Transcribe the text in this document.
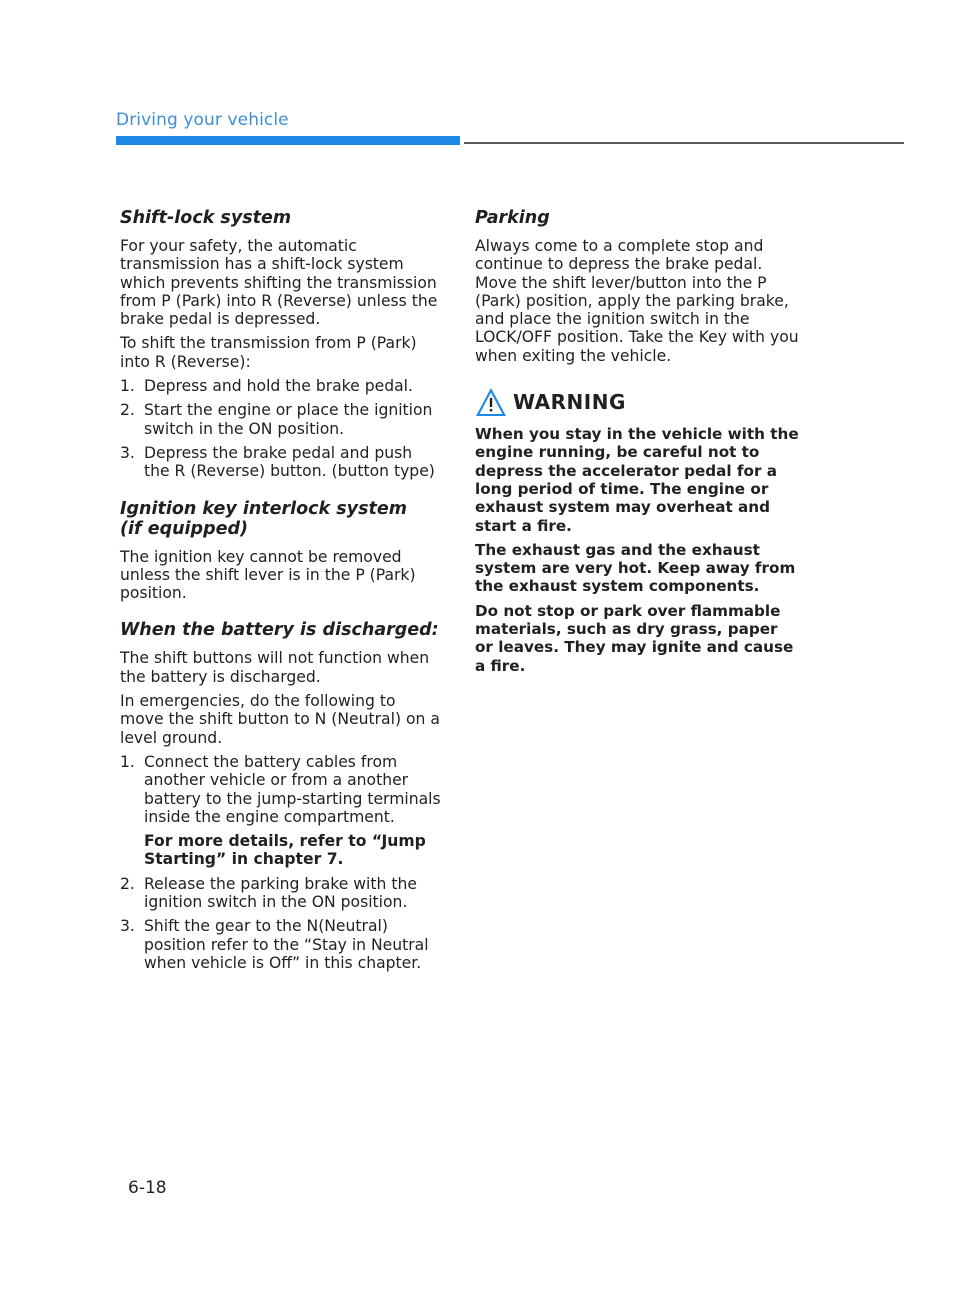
Driving your vehicle
Shift-lock system

For your safety, the automatic transmission has a shift-lock system which prevents shifting the transmission from P (Park) into R (Reverse) unless the brake pedal is depressed.

To shift the transmission from P (Park) into R (Reverse):

1. Depress and hold the brake pedal.
2. Start the engine or place the ignition switch in the ON position.
3. Depress the brake pedal and push the R (Reverse) button. (button type)
Ignition key interlock system
(if equipped)

The ignition key cannot be removed unless the shift lever is in the P (Park) position.

When the battery is discharged:

The shift buttons will not function when the battery is discharged.

In emergencies, do the following to move the shift button to N (Neutral) on a level ground.

1. Connect the battery cables from another vehicle or from a another battery to the jump-starting terminals inside the engine compartment.
For more details, refer to “Jump Starting” in chapter 7.
2. Release the parking brake with the ignition switch in the ON position.
3. Shift the gear to the N(Neutral) position refer to the “Stay in Neutral when vehicle is Off” in this chapter.
Parking

Always come to a complete stop and continue to depress the brake pedal. Move the shift lever/button into the P (Park) position, apply the parking brake, and place the ignition switch in the LOCK/OFF position. Take the Key with you when exiting the vehicle.

WARNING

When you stay in the vehicle with the engine running, be careful not to depress the accelerator pedal for a long period of time. The engine or exhaust system may overheat and start a fire.

The exhaust gas and the exhaust system are very hot. Keep away from the exhaust system components.

Do not stop or park over flammable materials, such as dry grass, paper or leaves. They may ignite and cause a fire.

6-18
